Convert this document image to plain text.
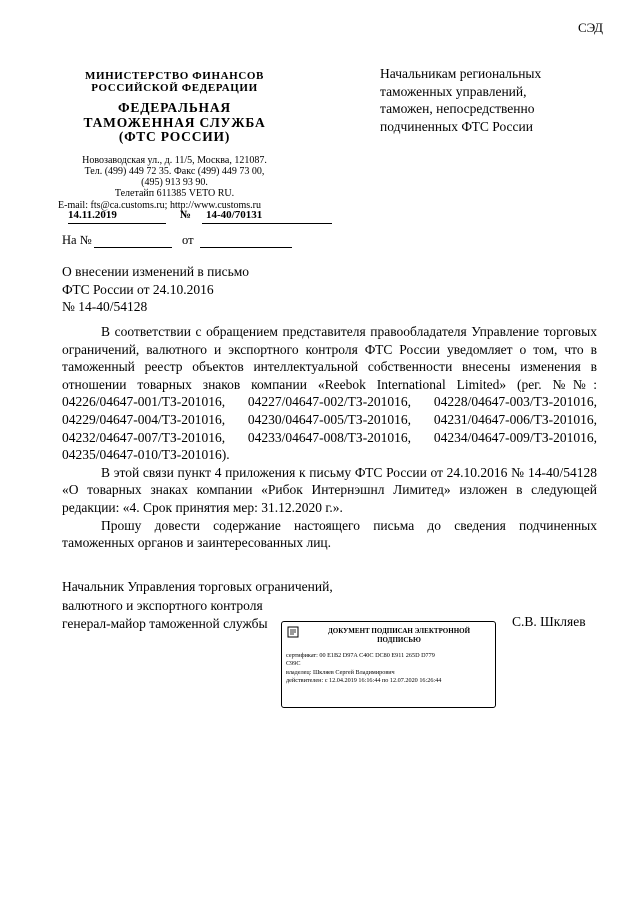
СЭД
МИНИСТЕРСТВО ФИНАНСОВ
РОССИЙСКОЙ ФЕДЕРАЦИИ
ФЕДЕРАЛЬНАЯ
ТАМОЖЕННАЯ СЛУЖБА
(ФТС РОССИИ)
Новозаводская ул., д. 11/5, Москва, 121087.
Тел. (499) 449 72 35. Факс (499) 449 73 00,
(495) 913 93 90.
Телетайп 611385 VETO RU.
E-mail: fts@ca.customs.ru; http://www.customs.ru
14.11.2019	№	14-40/70131
На №	от
Начальникам региональных
таможенных управлений,
таможен, непосредственно
подчиненных ФТС России
О внесении изменений в письмо
ФТС России от 24.10.2016
№ 14-40/54128

В соответствии с обращением представителя правообладателя Управление торговых ограничений, валютного и экспортного контроля ФТС России уведомляет о том, что в таможенный реестр объектов интеллектуальной собственности внесены изменения в отношении товарных знаков компании «Reebok International Limited» (рег. №№: 04226/04647-001/ТЗ-201016, 04227/04647-002/ТЗ-201016, 04228/04647-003/ТЗ-201016, 04229/04647-004/ТЗ-201016, 04230/04647-005/ТЗ-201016, 04231/04647-006/ТЗ-201016, 04232/04647-007/ТЗ-201016, 04233/04647-008/ТЗ-201016, 04234/04647-009/ТЗ-201016, 04235/04647-010/ТЗ-201016).

В этой связи пункт 4 приложения к письму ФТС России от 24.10.2016 № 14-40/54128 «О товарных знаках компании «Рибок Интернэшнл Лимитед» изложен в следующей редакции: «4. Срок принятия мер: 31.12.2020 г.».

Прошу довести содержание настоящего письма до сведения подчиненных таможенных органов и заинтересованных лиц.

Начальник Управления торговых ограничений,
валютного и экспортного контроля
генерал-майор таможенной службы	С.В. Шкляев
ДОКУМЕНТ ПОДПИСАН ЭЛЕКТРОННОЙ
ПОДПИСЬЮ
сертификат: 00 E1B2 D97A C40C DC80 E911 265D D779
C99C
владелец: Шкляев Сергей Владимирович
действителен: с 12.04.2019 16:16:44 по 12.07.2020 16:26:44
